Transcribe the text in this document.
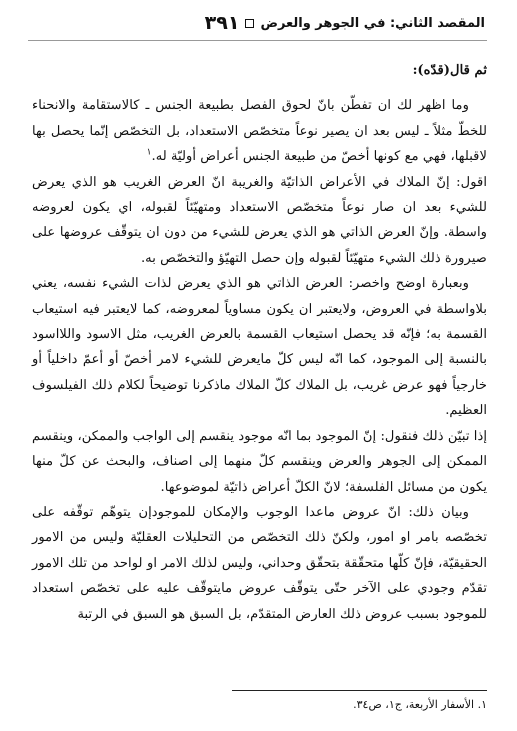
المقصد الثاني: في الجوهر والعرض
٣٩١

ثم قال(قدّه):

وما اظهر لك ان تفطّن بانّ لحوق الفصل بطبيعة الجنس ـ كالاستقامة والانحناء للخطّ مثلاً ـ ليس بعد ان يصير نوعاً متخصّص الاستعداد، بل التخصّص إنّما يحصل بها لاقبلها، فهي مع كونها أخصّ من طبيعة الجنس أعراض أوليّة له.$^١$

اقول: إنّ الملاك في الأعراض الذاتيّة والغريبة انّ العرض الغريب هو الذي يعرض للشيء بعد ان صار نوعاً متخصّص الاستعداد ومتهيّئاً لقبوله، اي يكون لعروضه واسطة. وإنّ العرض الذاتي هو الذي يعرض للشيء من دون ان يتوقّف عروضها على صيرورة ذلك الشيء متهيّئاً لقبوله وإن حصل التهيّؤ والتخصّص به.

وبعبارة اوضح واخصر: العرض الذاتي هو الذي يعرض لذات الشيء نفسه، يعني بلاواسطة في العروض، ولايعتبر ان يكون مساوياً لمعروضه، كما لايعتبر فيه استيعاب القسمة به؛ فإنّه قد يحصل استيعاب القسمة بالعرض الغريب، مثل الاسود واللااسود بالنسبة إلى الموجود، كما انّه ليس كلّ مايعرض للشيء لامر أخصّ أو أعمّ داخلياً أو خارجياً فهو عرض غريب، بل الملاك كلّ الملاك ماذكرنا توضيحاً لكلام ذلك الفيلسوف العظيم.

إذا تبيّن ذلك فنقول: إنّ الموجود بما انّه موجود ينقسم إلى الواجب والممكن، وينقسم الممكن إلى الجوهر والعرض وينقسم كلّ منهما إلى اصناف، والبحث عن كلّ منها يكون من مسائل الفلسفة؛ لانّ الكلّ أعراض ذاتيّة لموضوعها.

وبيان ذلك: انّ عروض ماعدا الوجوب والإمكان للموجودإن يتوهّم توقّفه على تخصّصه بامر او امور، ولكنّ ذلك التخصّص من التحليلات العقليّة وليس من الامور الحقيقيّة، فإنّ كلّها متحقّقة بتحقّق وحداني، وليس لذلك الامر او لواحد من تلك الامور تقدّم وجودي على الآخر حتّى يتوقّف عروض مايتوقّف عليه على تخصّص استعداد للموجود بسبب عروض ذلك العارض المتقدّم، بل السبق هو السبق في الرتبة

١. الأسفار الأربعة، ج١، ص٣٤.
